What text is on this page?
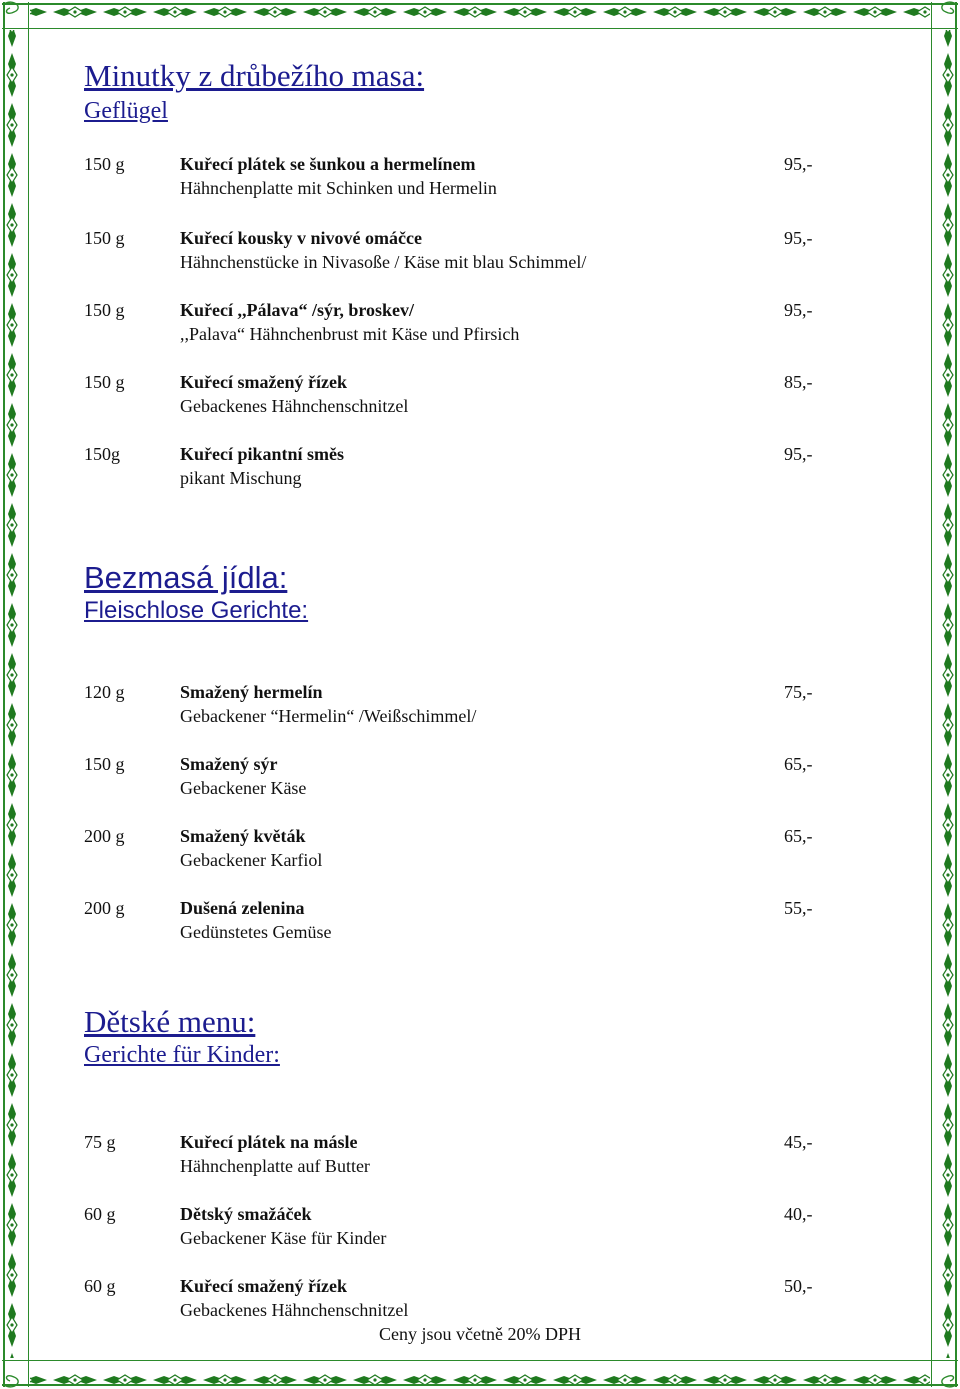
Minutky z drůbežího masa:
Geflügel
150 g	Kuřecí plátek se šunkou a hermelínem
Hähnchenplatte mit Schinken und Hermelin
95,-
150 g	Kuřecí kousky v nivové omáčce
Hähnchenstücke in Nivasoße / Käse mit blau Schimmel/
95,-
150 g	Kuřecí ,,Pálava“ /sýr, broskev/
,,Palava“ Hähnchenbrust mit Käse und Pfirsich
95,-
150 g	Kuřecí smažený řízek
Gebackenes Hähnchenschnitzel
85,-
150g	Kuřecí pikantní směs
pikant Mischung
95,-
Bezmasá jídla:
Fleischlose Gerichte:
120 g	Smažený hermelín
Gebackener “Hermelin“ /Weißschimmel/
75,-
150 g	Smažený sýr
Gebackener Käse
65,-
200 g	Smažený květák
Gebackener Karfiol
65,-
200 g	Dušená zelenina
Gedünstetes Gemüse
55,-
Dětské menu:
Gerichte für Kinder:
75 g	Kuřecí plátek na másle
Hähnchenplatte auf Butter
45,-
60 g	Dětský smažáček
Gebackener Käse für Kinder
40,-
60 g	Kuřecí smažený řízek
Gebackenes Hähnchenschnitzel
50,-
Ceny jsou včetně 20% DPH
